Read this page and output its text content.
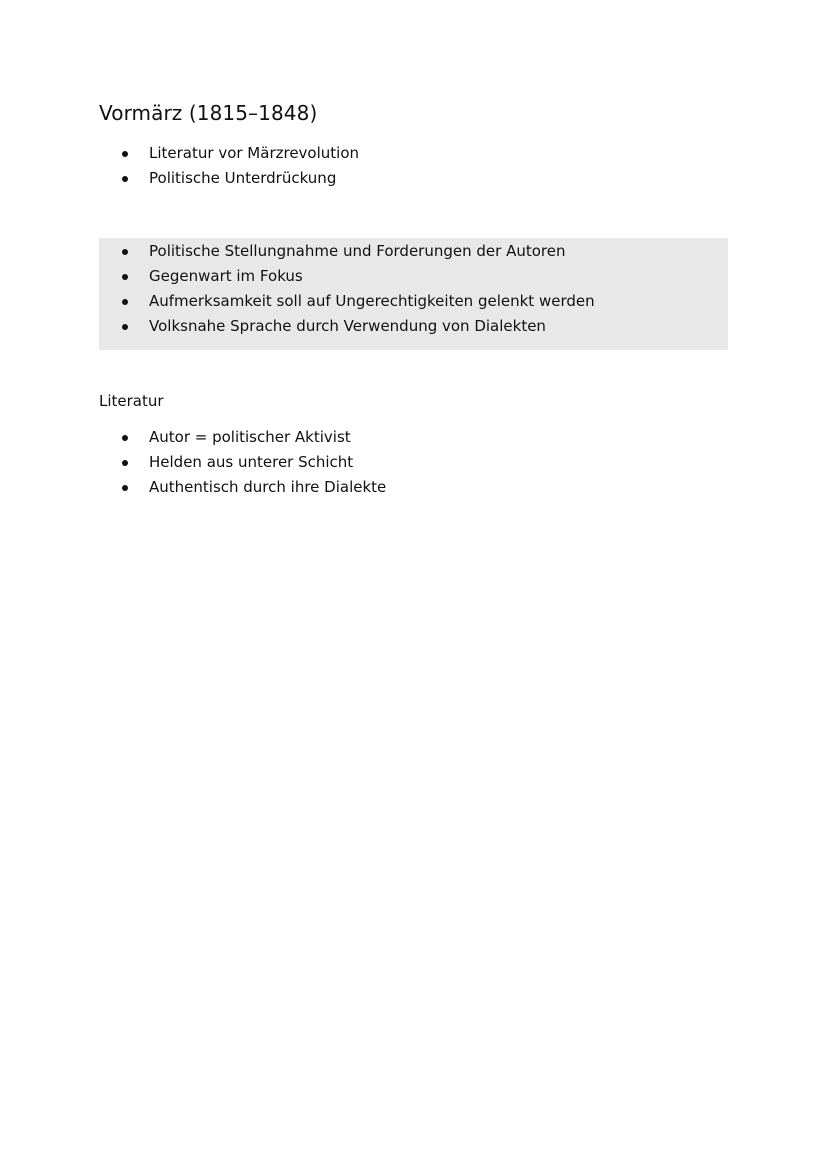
Vormärz (1815–1848)
Literatur vor Märzrevolution
Politische Unterdrückung
Politische Stellungnahme und Forderungen der Autoren
Gegenwart im Fokus
Aufmerksamkeit soll auf Ungerechtigkeiten gelenkt werden
Volksnahe Sprache durch Verwendung von Dialekten
Literatur
Autor = politischer Aktivist
Helden aus unterer Schicht
Authentisch durch ihre Dialekte
